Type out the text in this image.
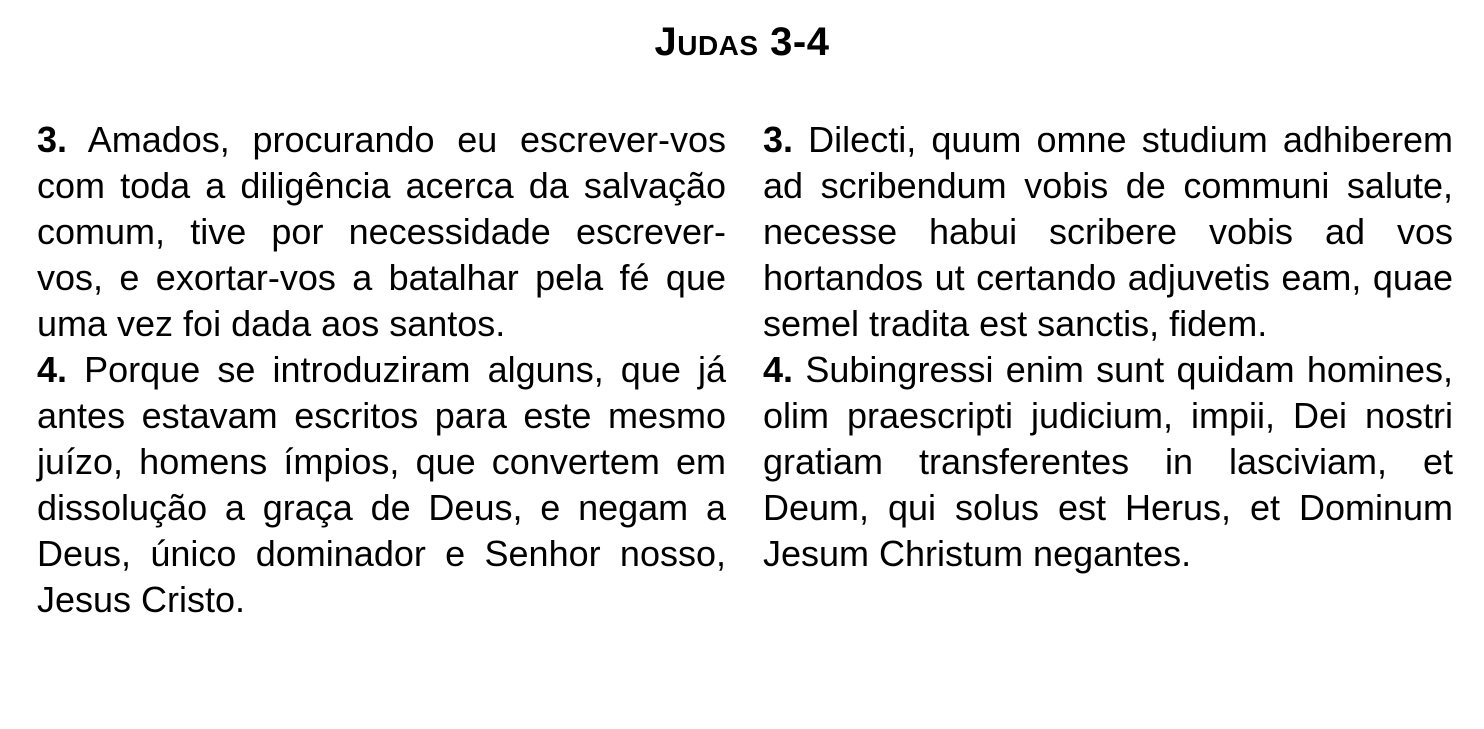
Judas 3-4

3. Amados, procurando eu escrever-vos com toda a diligência acerca da salvação comum, tive por necessidade escrever-vos, e exortar-vos a batalhar pela fé que uma vez foi dada aos santos.

4. Porque se introduziram alguns, que já antes estavam escritos para este mesmo juízo, homens ímpios, que convertem em dissolução a graça de Deus, e negam a Deus, único dominador e Senhor nosso, Jesus Cristo.

3. Dilecti, quum omne studium adhiberem ad scribendum vobis de communi salute, necesse habui scribere vobis ad vos hortandos ut certando adjuvetis eam, quae semel tradita est sanctis, fidem.

4. Subingressi enim sunt quidam homines, olim praescripti judicium, impii, Dei nostri gratiam transferentes in lasciviam, et Deum, qui solus est Herus, et Dominum Jesum Christum negantes.
